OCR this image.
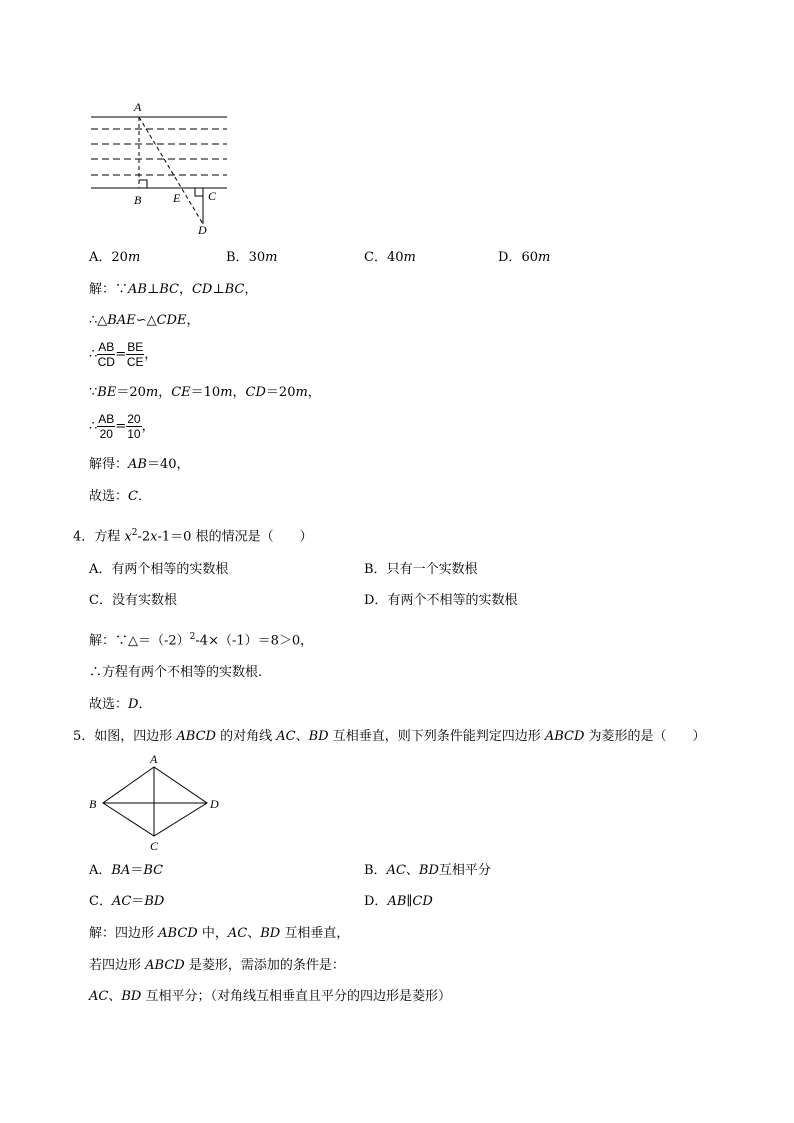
A
B	E C
D
A．20m	B．30m	C．40m	D．60m
解：∵AB⊥BC，CD⊥BC，
∴△BAE∽△CDE，
∴ $\frac{AB}{CD} = \frac{BE}{CE}$ ，
∵BE＝20m，CE＝10m，CD＝20m，
∴ $\frac{AB}{20} = \frac{20}{10}$ ，
解得：AB＝40，
故选：C．
4．方程 $x^2-2x-1=0$ 根的情况是（　　）
A．有两个相等的实数根	B．只有一个实数根
C．没有实数根	D．有两个不相等的实数根
解：$\because\triangle=(-2)^2-4\times(-1)=8>0$，
∴方程有两个不相等的实数根.
故选：D．
5．如图，四边形 ABCD 的对角线 AC、BD 互相垂直，则下列条件能判定四边形 ABCD 为菱形的是（　　）
A
B
C
D
A．BA＝BC	B．AC、BD互相平分
C．AC＝BD	D．AB∥CD
解：四边形 ABCD 中，AC、BD 互相垂直，
若四边形 ABCD 是菱形，需添加的条件是：
AC、BD 互相平分；（对角线互相垂直且平分的四边形是菱形）
